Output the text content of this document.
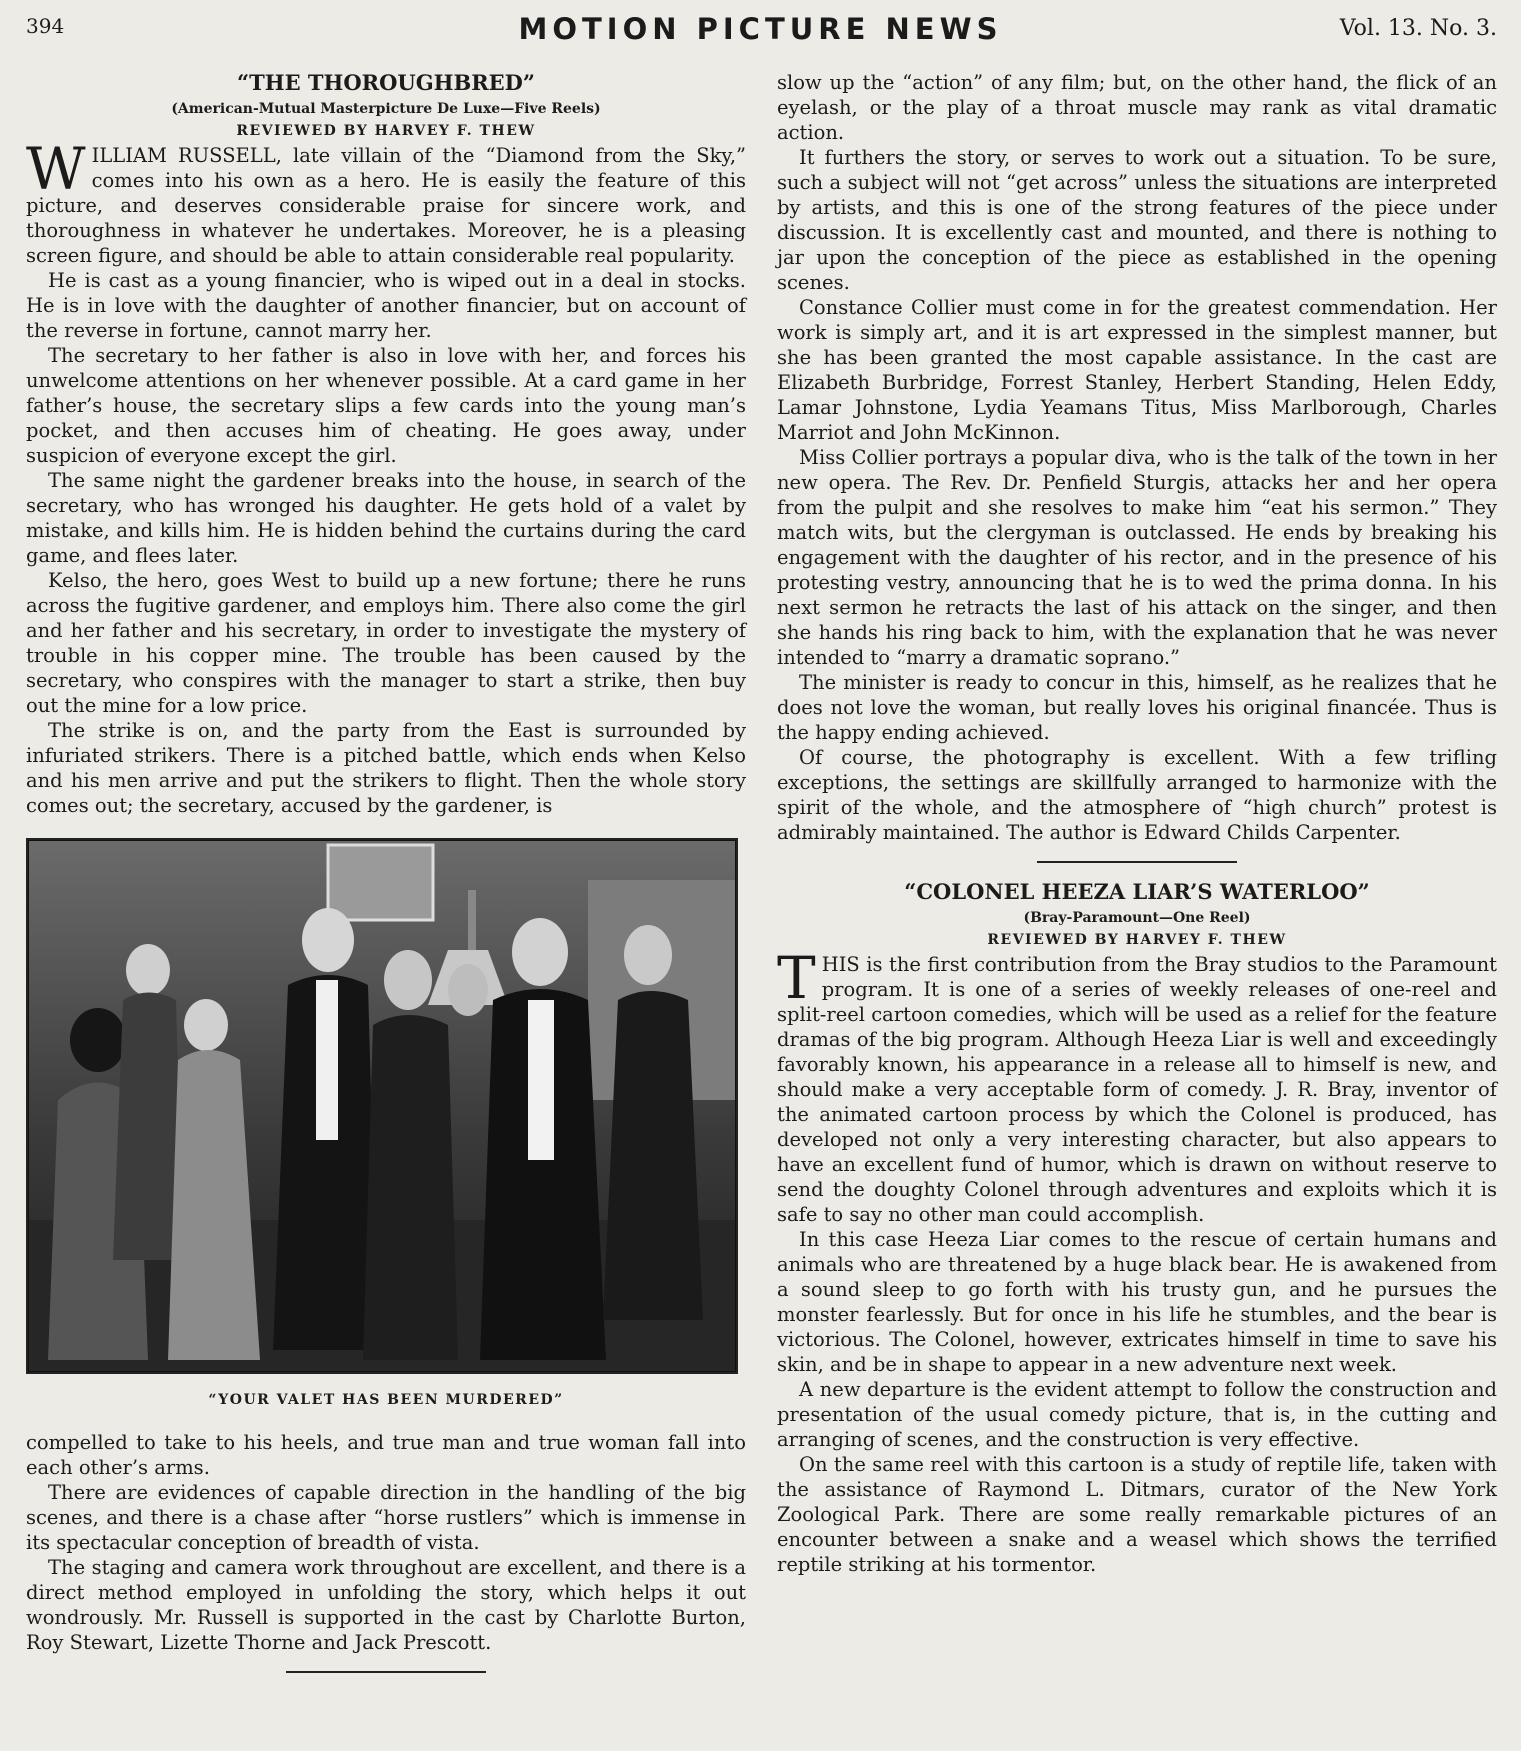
394	MOTION PICTURE NEWS	Vol. 13. No. 3.
“THE THOROUGHBRED”
(American-Mutual Masterpicture De Luxe—Five Reels)
REVIEWED BY HARVEY F. THEW

WILLIAM RUSSELL, late villain of the “Diamond from the Sky,” comes into his own as a hero. He is easily the feature of this picture, and deserves considerable praise for sincere work, and thoroughness in whatever he undertakes. Moreover, he is a pleasing screen figure, and should be able to attain considerable real popularity.

He is cast as a young financier, who is wiped out in a deal in stocks. He is in love with the daughter of another financier, but on account of the reverse in fortune, cannot marry her.

The secretary to her father is also in love with her, and forces his unwelcome attentions on her whenever possible. At a card game in her father’s house, the secretary slips a few cards into the young man’s pocket, and then accuses him of cheating. He goes away, under suspicion of everyone except the girl.

The same night the gardener breaks into the house, in search of the secretary, who has wronged his daughter. He gets hold of a valet by mistake, and kills him. He is hidden behind the curtains during the card game, and flees later.

Kelso, the hero, goes West to build up a new fortune; there he runs across the fugitive gardener, and employs him. There also come the girl and her father and his secretary, in order to investigate the mystery of trouble in his copper mine. The trouble has been caused by the secretary, who conspires with the manager to start a strike, then buy out the mine for a low price.

The strike is on, and the party from the East is surrounded by infuriated strikers. There is a pitched battle, which ends when Kelso and his men arrive and put the strikers to flight. Then the whole story comes out; the secretary, accused by the gardener, is

“YOUR VALET HAS BEEN MURDERED”

compelled to take to his heels, and true man and true woman fall into each other’s arms.

There are evidences of capable direction in the handling of the big scenes, and there is a chase after “horse rustlers” which is immense in its spectacular conception of breadth of vista.

The staging and camera work throughout are excellent, and there is a direct method employed in unfolding the story, which helps it out wondrously. Mr. Russell is supported in the cast by Charlotte Burton, Roy Stewart, Lizette Thorne and Jack Prescott.

slow up the “action” of any film; but, on the other hand, the flick of an eyelash, or the play of a throat muscle may rank as vital dramatic action.

It furthers the story, or serves to work out a situation. To be sure, such a subject will not “get across” unless the situations are interpreted by artists, and this is one of the strong features of the piece under discussion. It is excellently cast and mounted, and there is nothing to jar upon the conception of the piece as established in the opening scenes.

Constance Collier must come in for the greatest commendation. Her work is simply art, and it is art expressed in the simplest manner, but she has been granted the most capable assistance. In the cast are Elizabeth Burbridge, Forrest Stanley, Herbert Standing, Helen Eddy, Lamar Johnstone, Lydia Yeamans Titus, Miss Marlborough, Charles Marriot and John McKinnon.

Miss Collier portrays a popular diva, who is the talk of the town in her new opera. The Rev. Dr. Penfield Sturgis, attacks her and her opera from the pulpit and she resolves to make him “eat his sermon.” They match wits, but the clergyman is outclassed. He ends by breaking his engagement with the daughter of his rector, and in the presence of his protesting vestry, announcing that he is to wed the prima donna. In his next sermon he retracts the last of his attack on the singer, and then she hands his ring back to him, with the explanation that he was never intended to “marry a dramatic soprano.”

The minister is ready to concur in this, himself, as he realizes that he does not love the woman, but really loves his original financée. Thus is the happy ending achieved.

Of course, the photography is excellent. With a few trifling exceptions, the settings are skillfully arranged to harmonize with the spirit of the whole, and the atmosphere of “high church” protest is admirably maintained. The author is Edward Childs Carpenter.

“COLONEL HEEZA LIAR’S WATERLOO”
(Bray-Paramount—One Reel)
REVIEWED BY HARVEY F. THEW

THIS is the first contribution from the Bray studios to the Paramount program. It is one of a series of weekly releases of one-reel and split-reel cartoon comedies, which will be used as a relief for the feature dramas of the big program. Although Heeza Liar is well and exceedingly favorably known, his appearance in a release all to himself is new, and should make a very acceptable form of comedy. J. R. Bray, inventor of the animated cartoon process by which the Colonel is produced, has developed not only a very interesting character, but also appears to have an excellent fund of humor, which is drawn on without reserve to send the doughty Colonel through adventures and exploits which it is safe to say no other man could accomplish.

In this case Heeza Liar comes to the rescue of certain humans and animals who are threatened by a huge black bear. He is awakened from a sound sleep to go forth with his trusty gun, and he pursues the monster fearlessly. But for once in his life he stumbles, and the bear is victorious. The Colonel, however, extricates himself in time to save his skin, and be in shape to appear in a new adventure next week.

A new departure is the evident attempt to follow the construction and presentation of the usual comedy picture, that is, in the cutting and arranging of scenes, and the construction is very effective.

On the same reel with this cartoon is a study of reptile life, taken with the assistance of Raymond L. Ditmars, curator of the New York Zoological Park. There are some really remarkable pictures of an encounter between a snake and a weasel which shows the terrified reptile striking at his tormentor.
